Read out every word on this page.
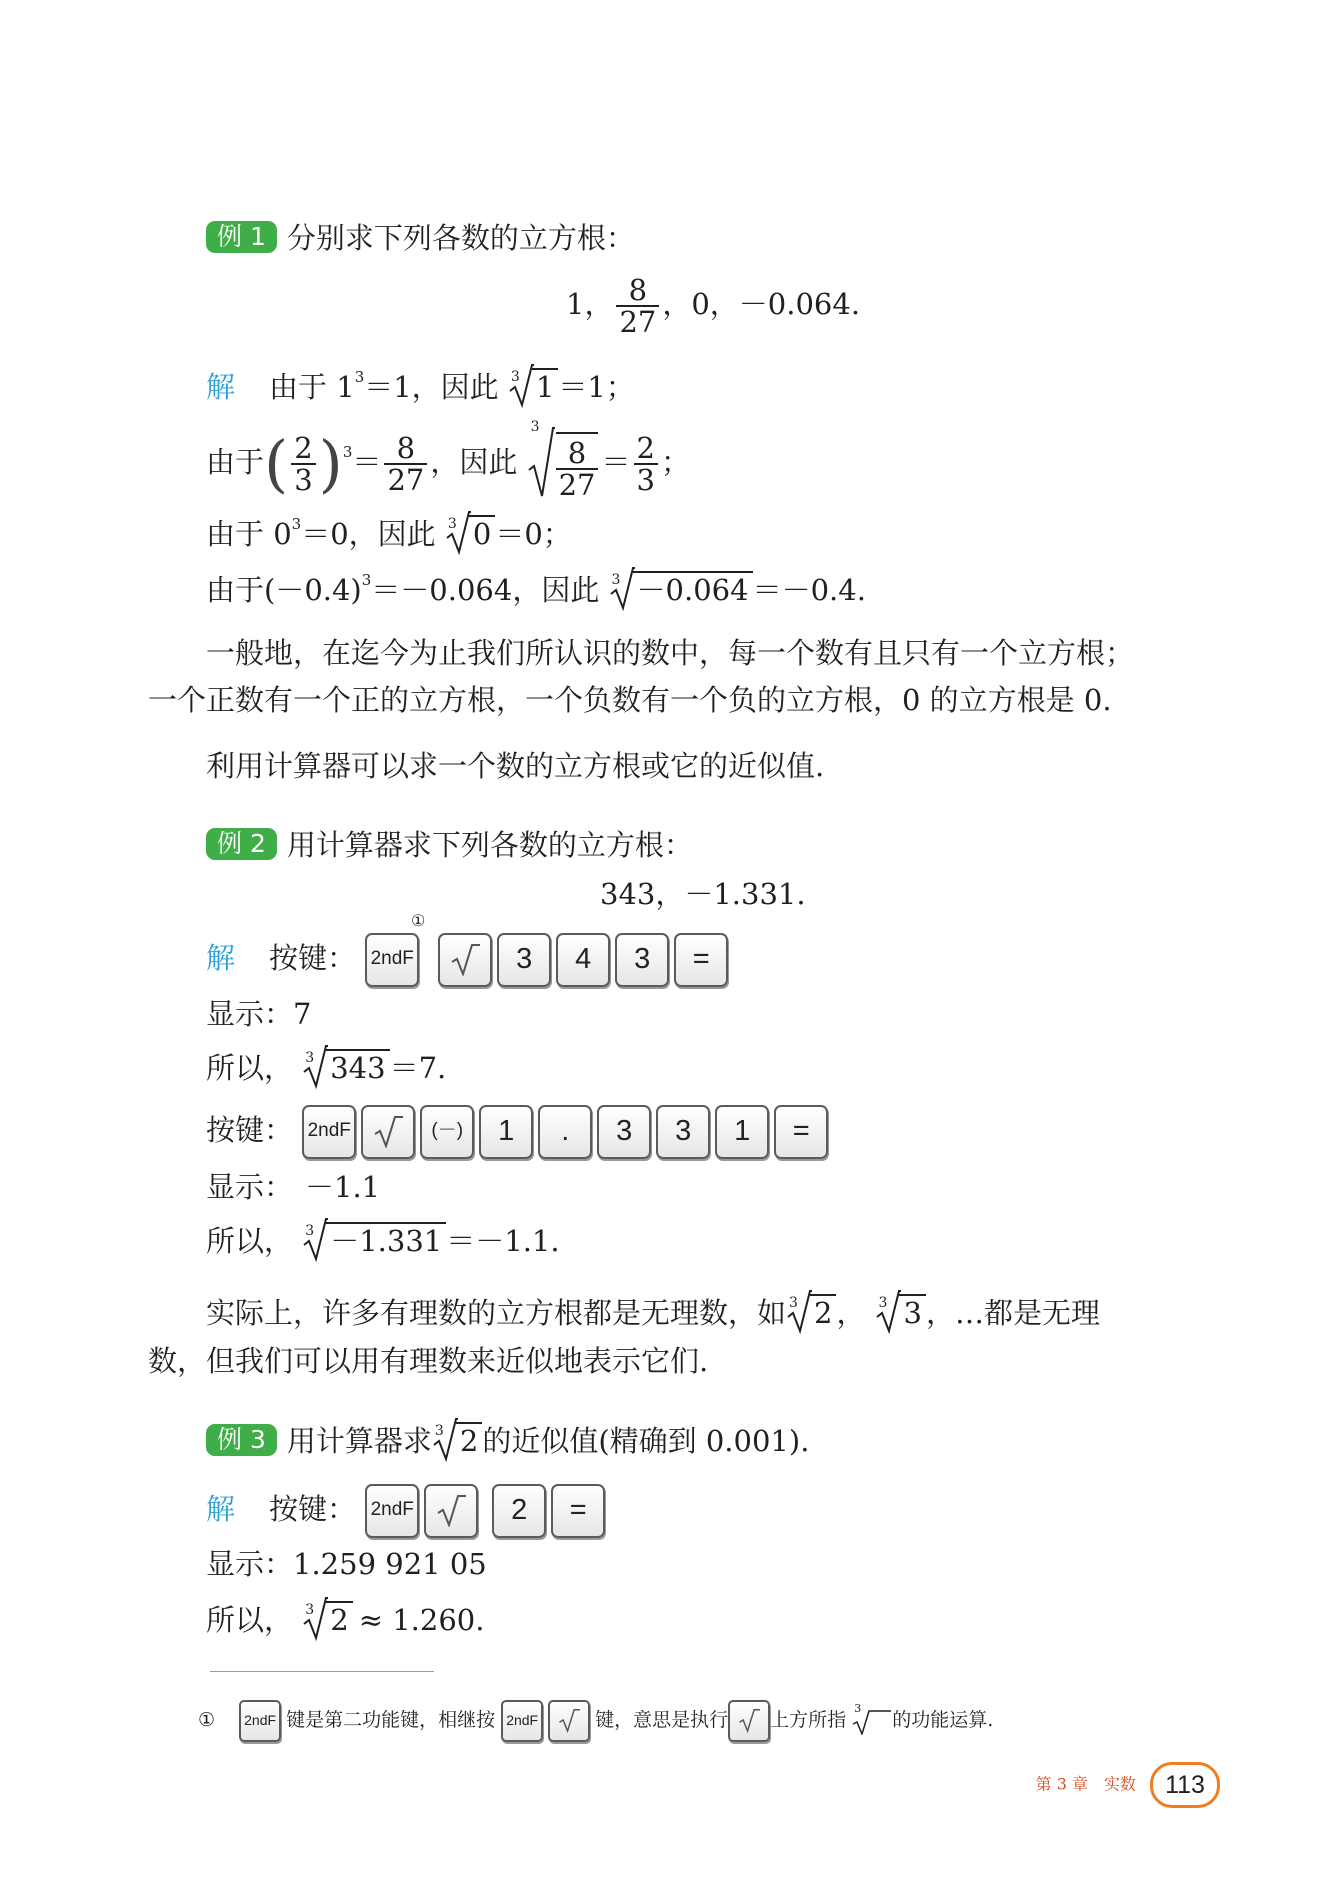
例 1 分别求下列各数的立方根：
1， $\frac{8}{27}$ ，0，－0.064.
解 由于 $1^3=1$，因此 3 1 ＝1；
由于( $\frac{2}{3} )^3= \frac{8}{27}$ ，因此
3
$\frac{8}{27} = \frac{2}{3}$ ；
由于 $0^3=0$，因此 3 0 ＝0；
由于$(-0.4)^3=-0.064$，因此 3 －0.064 ＝－0.4.
一般地，在迄今为止我们所认识的数中，每一个数有且只有一个立方根；
一个正数有一个正的立方根，一个负数有一个负的立方根，0 的立方根是 0.
利用计算器可以求一个数的立方根或它的近似值.
例 2 用计算器求下列各数的立方根：
343，－1.331.
解 按键： 2ndF	3 4 3 =
①
显示：7
所以， 3 343 ＝7.
按键： 2ndF	(－) 1 . 3 3 1 =
显示： －1.1
所以， 3 －1.331 ＝－1.1.
实际上，许多有理数的立方根都是无理数，如 3 2 ， 3 3 ，…都是无理
数，但我们可以用有理数来近似地表示它们.
例 3 用计算器求 3 2 的近似值(精确到 0.001).
解 按键： 2ndF	2 =
显示：1.259 921 05
所以， 3 2 ≈ 1.260.
① 2ndF 键是第二功能键，相继按 2ndF	键，意思是执行 上方所指
3
的功能运算.
第 3 章　实数 113
